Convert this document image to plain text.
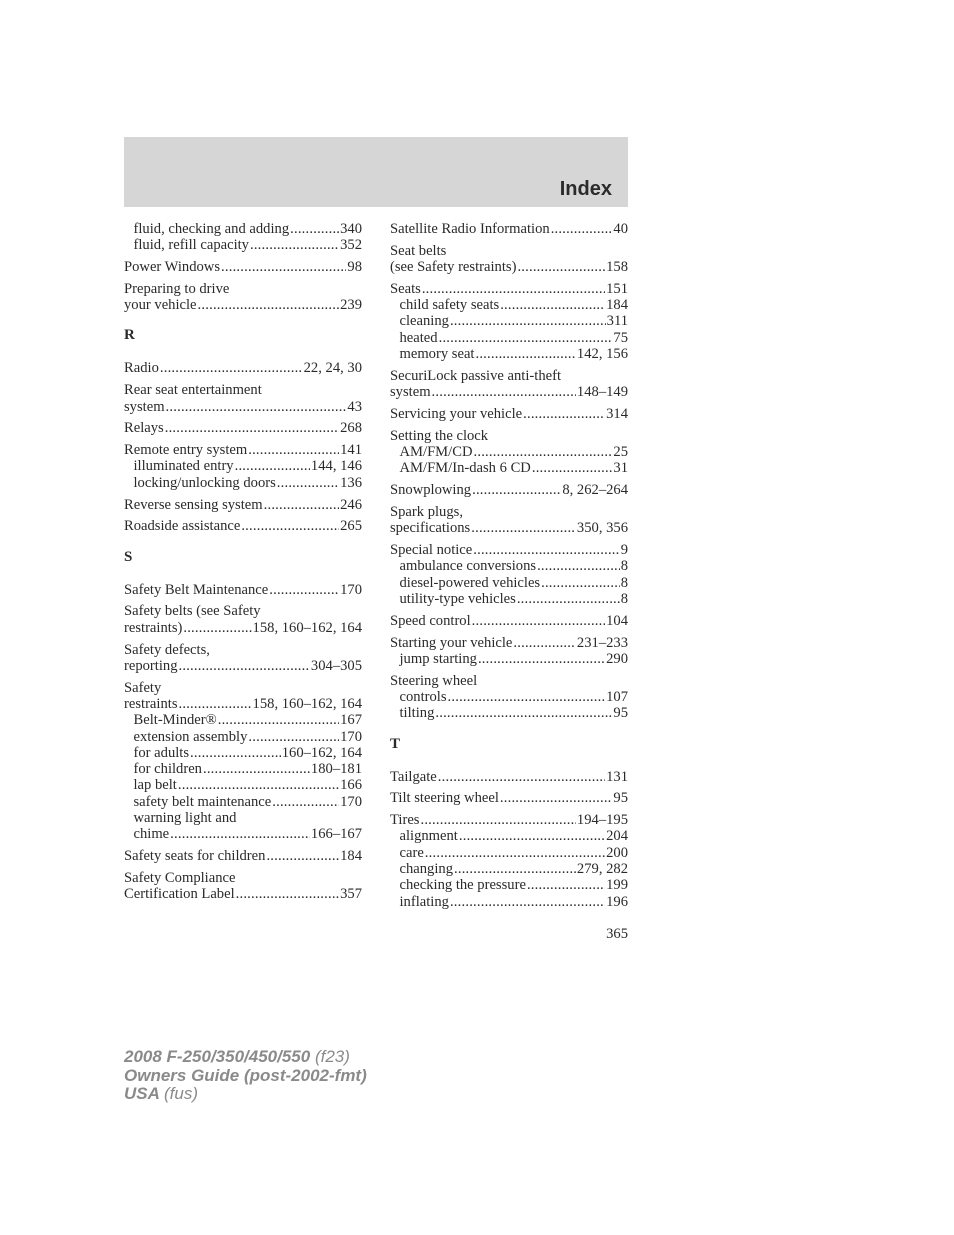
Index
fluid, checking and adding .....	340
fluid, refill capacity .....	352
Power Windows .....	98
Preparing to drive
your vehicle .....	239
R
Radio .....	22, 24, 30
Rear seat entertainment
system .....	43
Relays .....	268
Remote entry system .....	141
illuminated entry .....	144, 146
locking/unlocking doors .....	136
Reverse sensing system .....	246
Roadside assistance .....	265
S
Safety Belt Maintenance .....	170
Safety belts (see Safety
restraints) .....	158, 160–162, 164
Safety defects,
reporting .....	304–305
Safety
restraints .....	158, 160–162, 164
Belt-Minder® .....	167
extension assembly .....	170
for adults .....	160–162, 164
for children .....	180–181
lap belt .....	166
safety belt maintenance .....	170
warning light and
chime .....	166–167
Safety seats for children .....	184
Safety Compliance
Certification Label .....	357
Satellite Radio Information .....	40
Seat belts
(see Safety restraints) .....	158
Seats .....	151
child safety seats .....	184
cleaning .....	311
heated .....	75
memory seat .....	142, 156
SecuriLock passive anti-theft
system .....	148–149
Servicing your vehicle .....	314
Setting the clock
AM/FM/CD .....	25
AM/FM/In-dash 6 CD .....	31
Snowplowing .....	8, 262–264
Spark plugs,
specifications .....	350, 356
Special notice .....	9
ambulance conversions .....	8
diesel-powered vehicles .....	8
utility-type vehicles .....	8
Speed control .....	104
Starting your vehicle .....	231–233
jump starting .....	290
Steering wheel
controls .....	107
tilting .....	95
T
Tailgate .....	131
Tilt steering wheel .....	95
Tires .....	194–195
alignment .....	204
care .....	200
changing .....	279, 282
checking the pressure .....	199
inflating .....	196
365
2008 F-250/350/450/550 (f23)
Owners Guide (post-2002-fmt)
USA (fus)
